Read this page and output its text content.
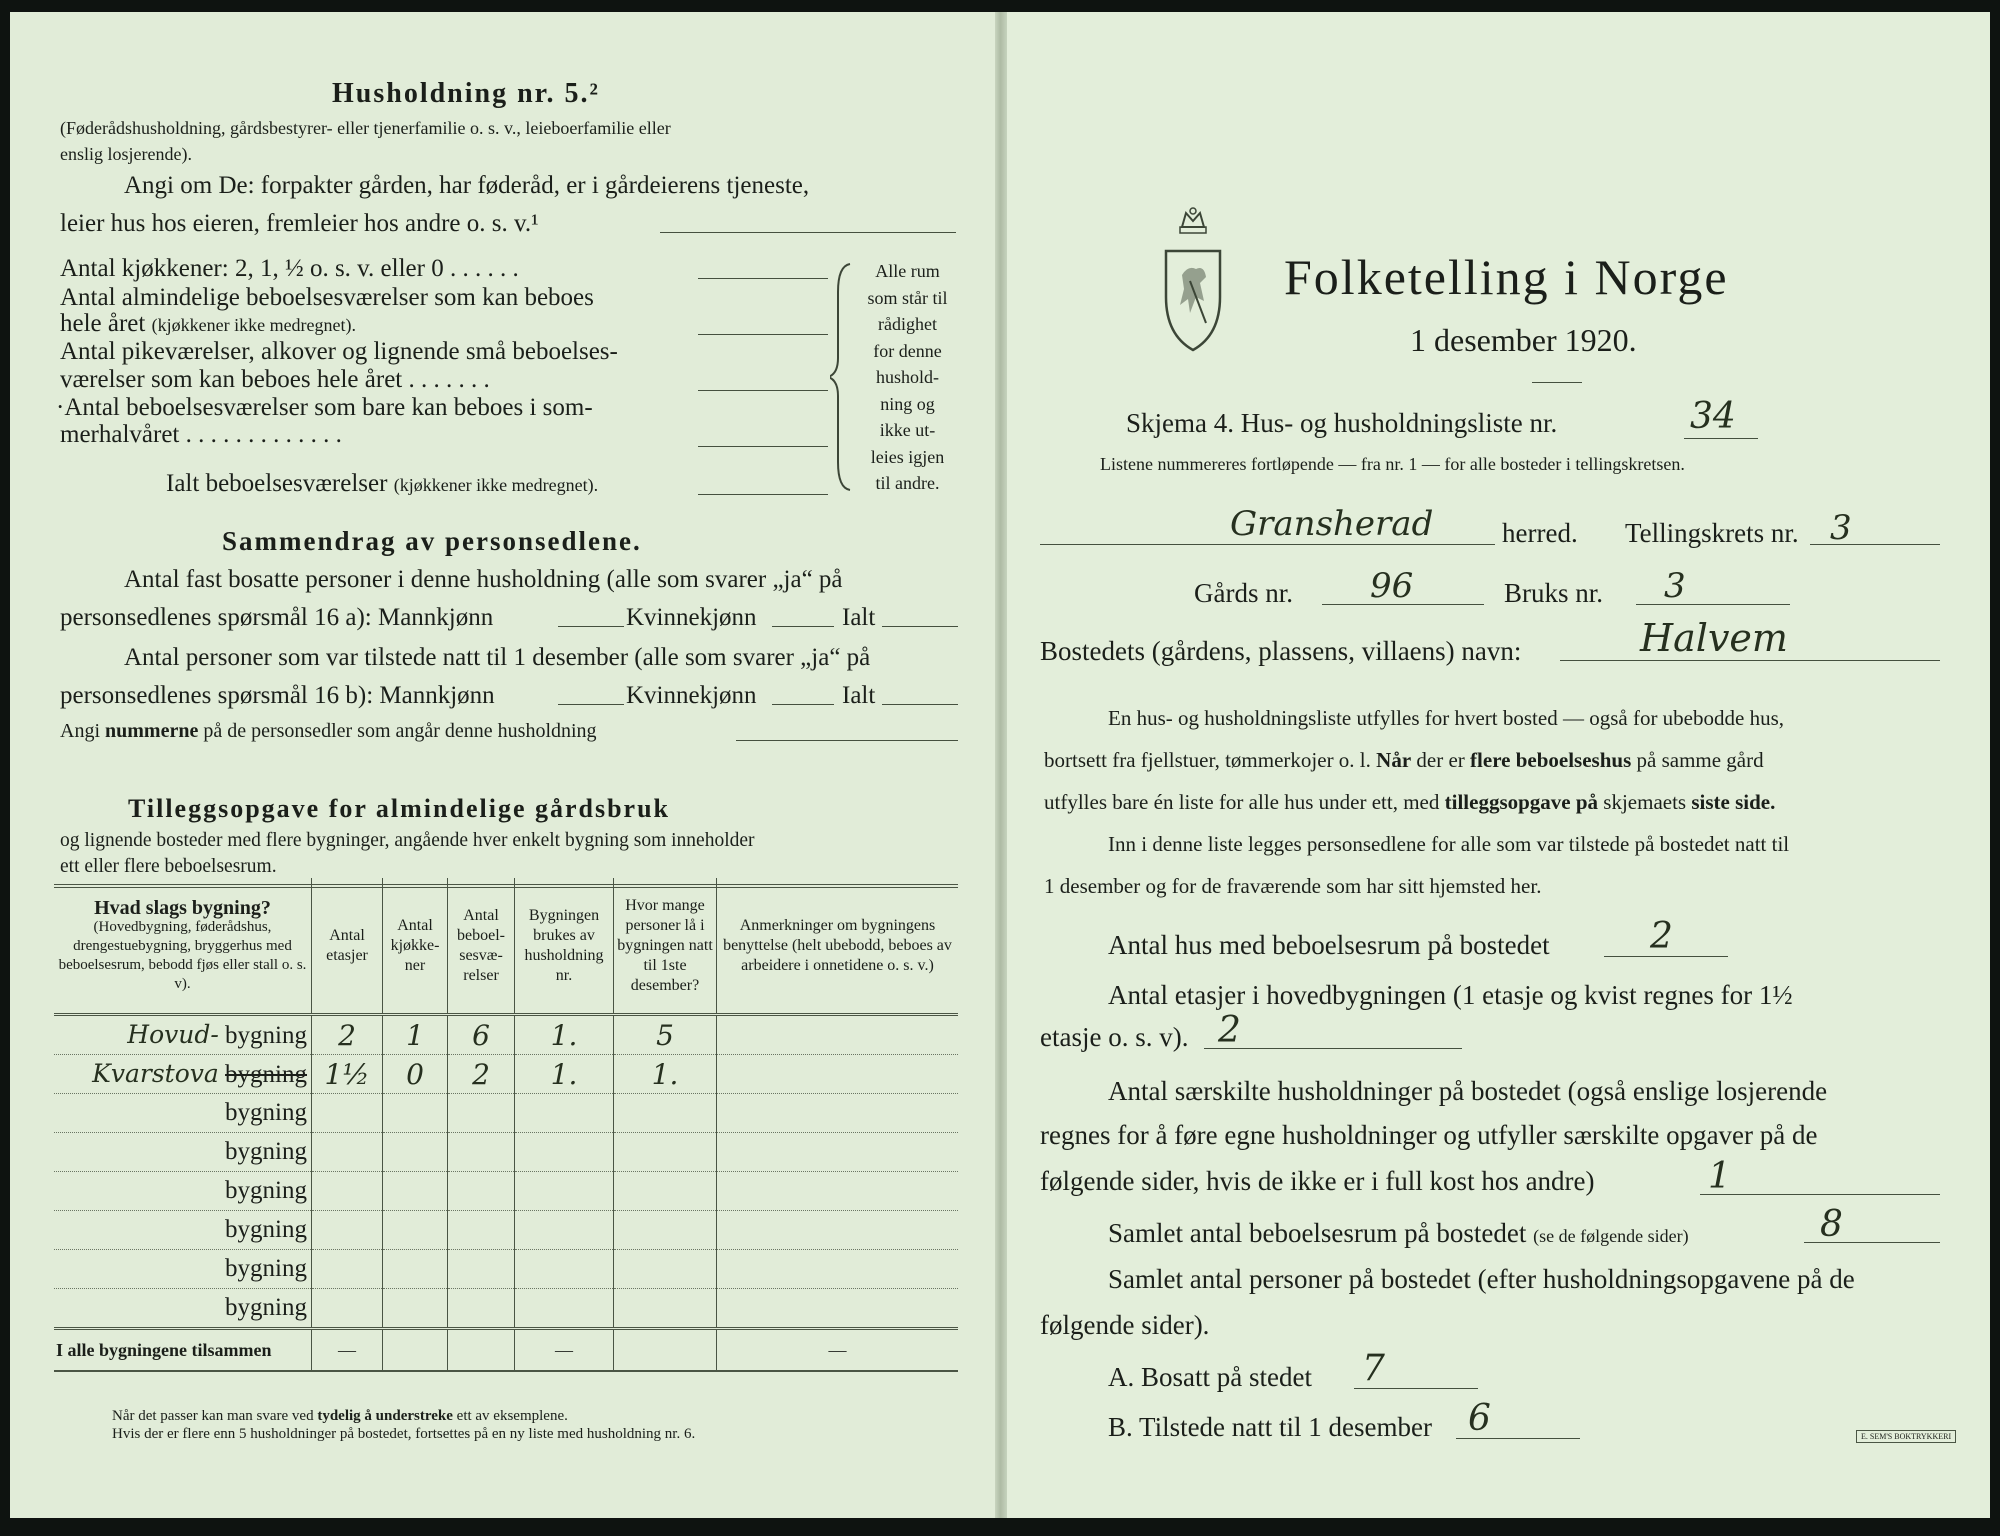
Husholdning nr. 5.²
(Føderådshusholdning, gårdsbestyrer- eller tjenerfamilie o. s. v., leieboerfamilie eller
enslig losjerende).
Angi om De: forpakter gården, har føderåd, er i gårdeierens tjeneste,
leier hus hos eieren, fremleier hos andre o. s. v.¹
Antal kjøkkener: 2, 1, ½ o. s. v. eller 0 . . . . . .
Antal almindelige beboelsesværelser som kan beboes
hele året (kjøkkener ikke medregnet).
Antal pikeværelser, alkover og lignende små beboelses-
værelser som kan beboes hele året . . . . . . .
·Antal beboelsesværelser som bare kan beboes i som-
merhalvåret . . . . . . . . . . . . .
Ialt beboelsesværelser (kjøkkener ikke medregnet).
Alle rum
som står til
rådighet
for denne
hushold-
ning og
ikke ut-
leies igjen
til andre.
Sammendrag av personsedlene.
Antal fast bosatte personer i denne husholdning (alle som svarer „ja“ på
personsedlenes spørsmål 16 a): Mannkjønn	Kvinnekjønn	Ialt
Antal personer som var tilstede natt til 1 desember (alle som svarer „ja“ på
personsedlenes spørsmål 16 b): Mannkjønn	Kvinnekjønn	Ialt
Angi nummerne på de personsedler som angår denne husholdning
Tilleggsopgave for almindelige gårdsbruk
og lignende bosteder med flere bygninger, angående hver enkelt bygning som inneholder
ett eller flere beboelsesrum.
Hvad slags bygning?
(Hovedbygning, føderådshus, drengestuebygning, bryggerhus med beboelsesrum, bebodd fjøs eller stall o. s. v).	Antal etasjer	Antal kjøkkener	Antal beboelsesværelser	Bygningen brukes av husholdning nr.	Hvor mange personer lå i bygningen natt til 1ste desember?	Anmerkninger om bygningens benyttelse (helt ubebodd, beboes av arbeidere i onnetidene o. s. v.)
Hovud- bygning	2	1	6	1.	5	
Kvarstova bygning	1½	0	2	1.	1.	
bygning						
bygning						
bygning						
bygning						
bygning						
bygning						
I alle bygningene tilsammen	—			—		—
Når det passer kan man svare ved tydelig å understreke ett av eksemplene.
Hvis der er flere enn 5 husholdninger på bostedet, fortsettes på en ny liste med husholdning nr. 6.
Folketelling i Norge
1 desember 1920.
Skjema 4. Hus- og husholdningsliste nr.	34
Listene nummereres fortløpende — fra nr. 1 — for alle bosteder i tellingskretsen.
Gransherad	herred. Tellingskrets nr. 3
Gårds nr. 96	Bruks nr. 3
Bostedets (gårdens, plassens, villaens) navn:	Halvem
En hus- og husholdningsliste utfylles for hvert bosted — også for ubebodde hus,
bortsett fra fjellstuer, tømmerkojer o. l. Når der er flere beboelseshus på samme gård
utfylles bare én liste for alle hus under ett, med tilleggsopgave på skjemaets siste side.
Inn i denne liste legges personsedlene for alle som var tilstede på bostedet natt til
1 desember og for de fraværende som har sitt hjemsted her.
Antal hus med beboelsesrum på bostedet	2
Antal etasjer i hovedbygningen (1 etasje og kvist regnes for 1½
etasje o. s. v). 2
Antal særskilte husholdninger på bostedet (også enslige losjerende
regnes for å føre egne husholdninger og utfyller særskilte opgaver på de
følgende sider, hvis de ikke er i full kost hos andre)	1
Samlet antal beboelsesrum på bostedet (se de følgende sider)	8
Samlet antal personer på bostedet (efter husholdningsopgavene på de
følgende sider).
A. Bosatt på stedet 7
B. Tilstede natt til 1 desember 6	E. SEM'S BOKTRYKKERI
